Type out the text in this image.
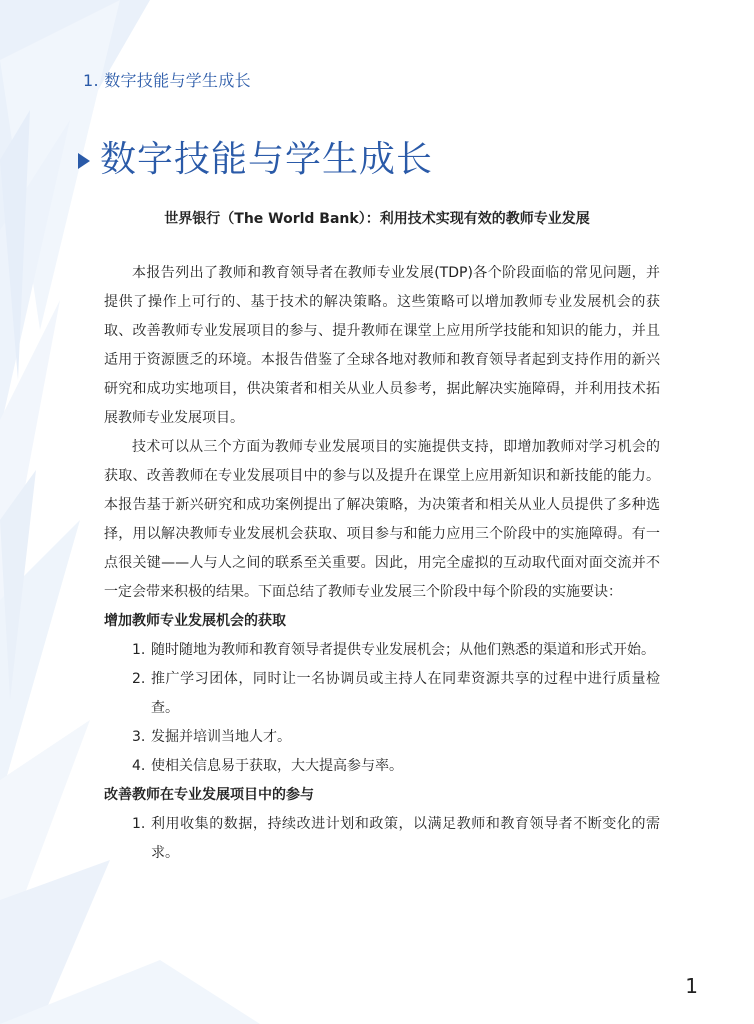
1. 数字技能与学生成长
数字技能与学生成长
世界银行（The World Bank）：利用技术实现有效的教师专业发展

本报告列出了教师和教育领导者在教师专业发展(TDP)各个阶段面临的常见问题，并提供了操作上可行的、基于技术的解决策略。这些策略可以增加教师专业发展机会的获取、改善教师专业发展项目的参与、提升教师在课堂上应用所学技能和知识的能力，并且适用于资源匮乏的环境。本报告借鉴了全球各地对教师和教育领导者起到支持作用的新兴研究和成功实地项目，供决策者和相关从业人员参考，据此解决实施障碍，并利用技术拓展教师专业发展项目。

技术可以从三个方面为教师专业发展项目的实施提供支持，即增加教师对学习机会的获取、改善教师在专业发展项目中的参与以及提升在课堂上应用新知识和新技能的能力。本报告基于新兴研究和成功案例提出了解决策略，为决策者和相关从业人员提供了多种选择，用以解决教师专业发展机会获取、项目参与和能力应用三个阶段中的实施障碍。有一点很关键——人与人之间的联系至关重要。因此，用完全虚拟的互动取代面对面交流并不一定会带来积极的结果。下面总结了教师专业发展三个阶段中每个阶段的实施要诀：

增加教师专业发展机会的获取

1. 随时随地为教师和教育领导者提供专业发展机会；从他们熟悉的渠道和形式开始。
2. 推广学习团体，同时让一名协调员或主持人在同辈资源共享的过程中进行质量检查。
3. 发掘并培训当地人才。
4. 使相关信息易于获取，大大提高参与率。

改善教师在专业发展项目中的参与

1. 利用收集的数据，持续改进计划和政策，以满足教师和教育领导者不断变化的需求。
1
